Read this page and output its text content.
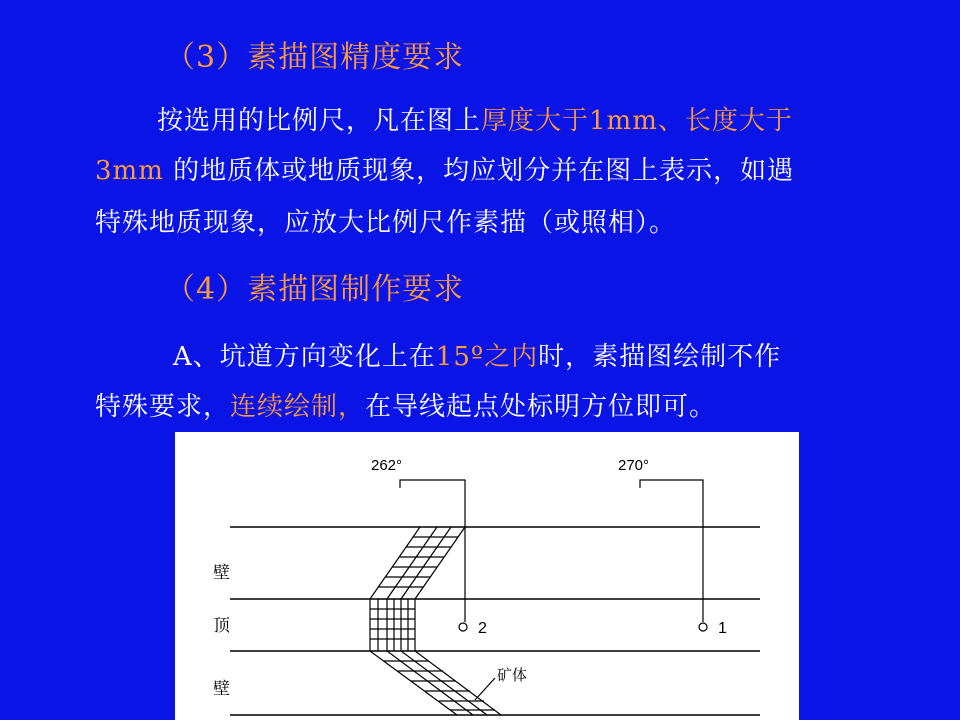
（3）素描图精度要求
按选用的比例尺，凡在图上厚度大于1mm、长度大于
3mm 的地质体或地质现象，均应划分并在图上表示，如遇
特殊地质现象，应放大比例尺作素描（或照相）。
（4）素描图制作要求
A、坑道方向变化上在15º之内时，素描图绘制不作
特殊要求，连续绘制，在导线起点处标明方位即可。
262°	270°
2	1
壁
顶
壁
矿体
